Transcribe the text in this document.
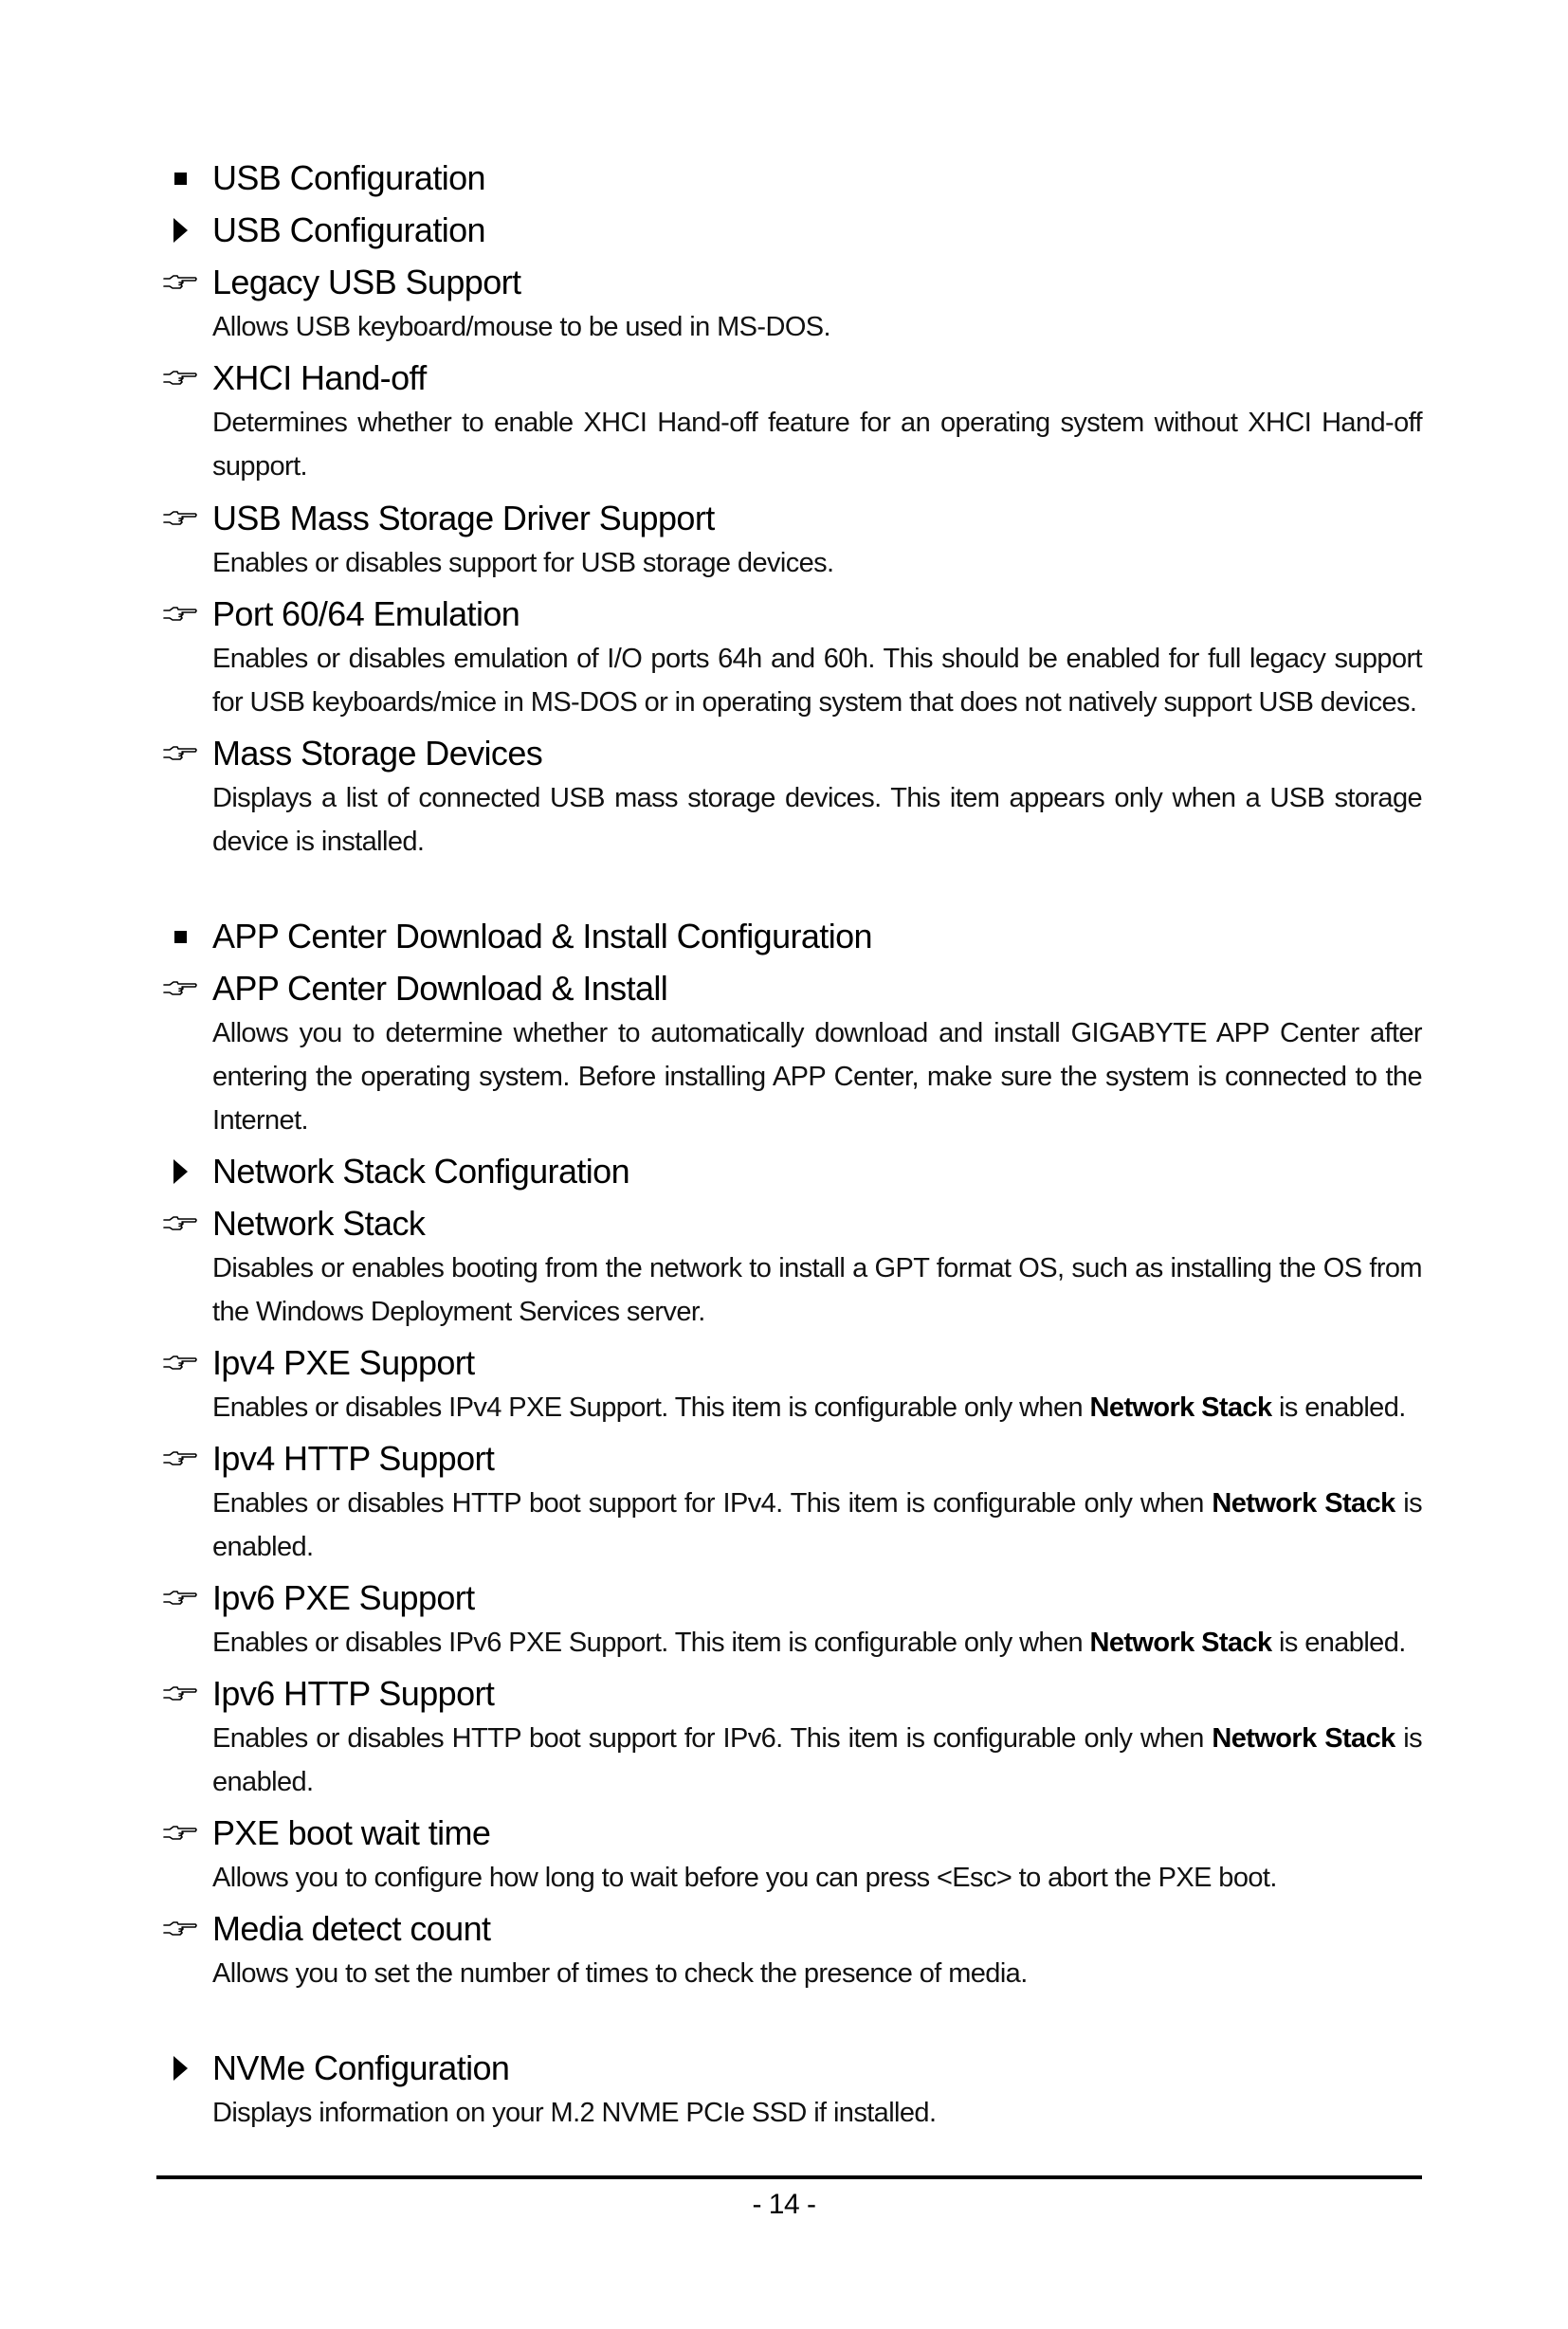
USB Configuration
USB Configuration
Legacy USB Support
Allows USB keyboard/mouse to be used in MS-DOS.
XHCI Hand-off
Determines whether to enable XHCI Hand-off feature for an operating system without XHCI Hand-off support.
USB Mass Storage Driver Support
Enables or disables support for USB storage devices.
Port 60/64 Emulation
Enables or disables emulation of I/O ports 64h and 60h. This should be enabled for full legacy support for USB keyboards/mice in MS-DOS or in operating system that does not natively support USB devices.
Mass Storage Devices
Displays a list of connected USB mass storage devices. This item appears only when a USB storage device is installed.
APP Center Download & Install Configuration
APP Center Download & Install
Allows you to determine whether to automatically download and install GIGABYTE APP Center after entering the operating system. Before installing APP Center, make sure the system is connected to the Internet.
Network Stack Configuration
Network Stack
Disables or enables booting from the network to install a GPT format OS, such as installing the OS from the Windows Deployment Services server.
Ipv4 PXE Support
Enables or disables IPv4 PXE Support. This item is configurable only when Network Stack is enabled.
Ipv4 HTTP Support
Enables or disables HTTP boot support for IPv4. This item is configurable only when Network Stack is enabled.
Ipv6 PXE Support
Enables or disables IPv6 PXE Support. This item is configurable only when Network Stack is enabled.
Ipv6 HTTP Support
Enables or disables HTTP boot support for IPv6. This item is configurable only when Network Stack is enabled.
PXE boot wait time
Allows you to configure how long to wait before you can press <Esc> to abort the PXE boot.
Media detect count
Allows you to set the number of times to check the presence of media.
NVMe Configuration
Displays information on your M.2 NVME PCIe SSD if installed.
- 14 -
